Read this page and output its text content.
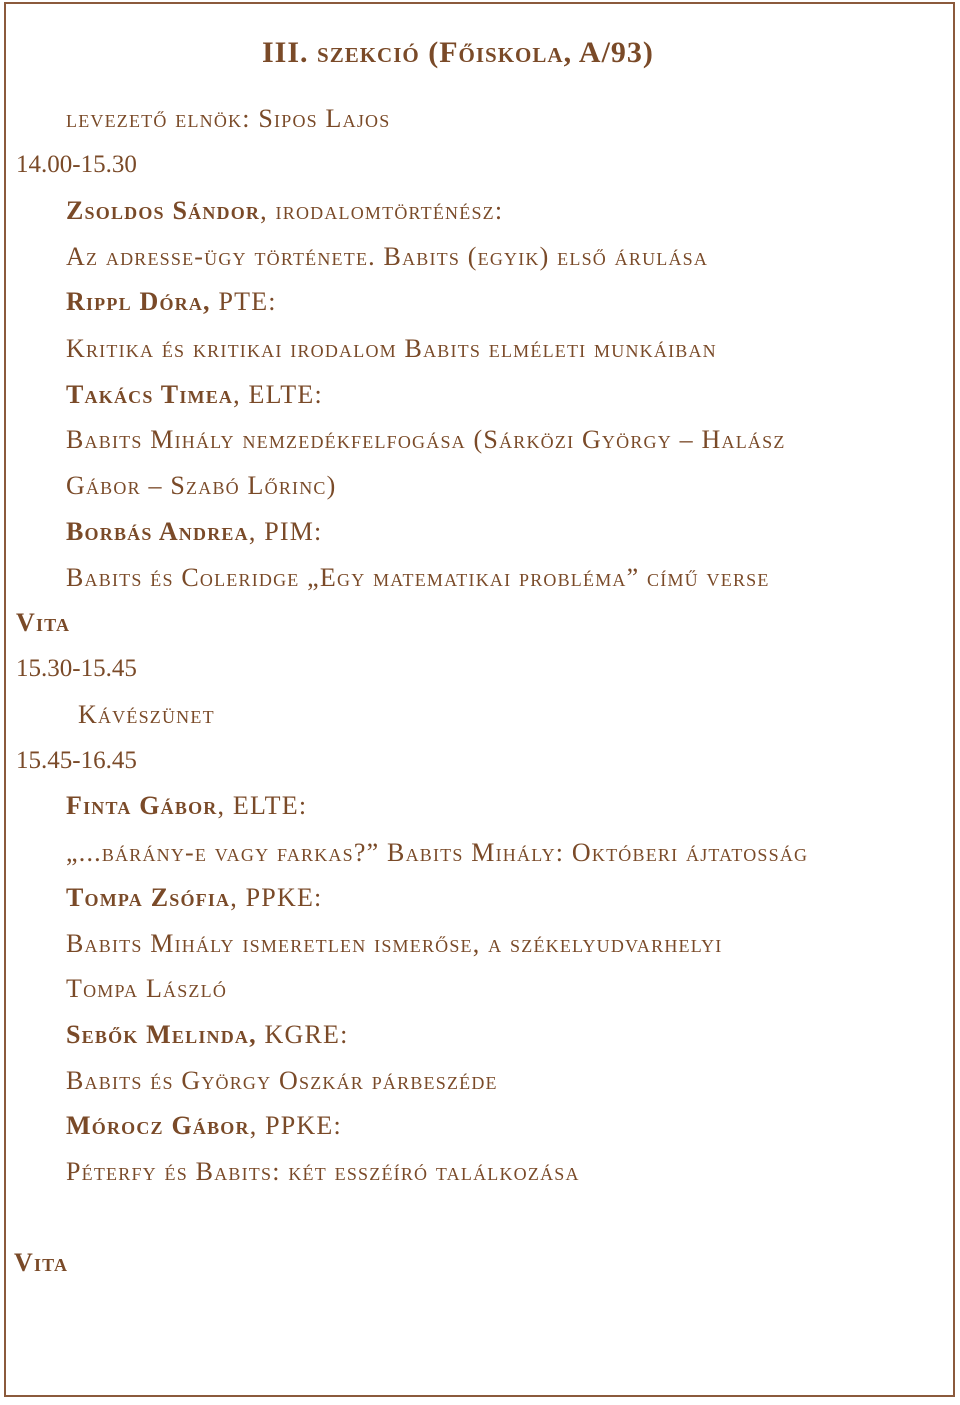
III. szekció (Főiskola, A/93)
levezető elnök: Sipos Lajos
14.00-15.30
Zsoldos Sándor, irodalomtörténész:
Az adresse-ügy története. Babits (egyik) első árulása
Rippl Dóra, PTE:
Kritika és kritikai irodalom Babits elméleti munkáiban
Takács Timea, ELTE:
Babits Mihály nemzedékfelfogása (Sárközi György – Halász
Gábor – Szabó Lőrinc)
Borbás Andrea, PIM:
Babits és Coleridge „Egy matematikai probléma” című verse
Vita
15.30-15.45
Kávészünet
15.45-16.45
Finta Gábor, ELTE:
„...bárány-e vagy farkas?” Babits Mihály: Októberi ájtatosság
Tompa Zsófia, PPKE:
Babits Mihály ismeretlen ismerőse, a székelyudvarhelyi
Tompa László
Sebők Melinda, KGRE:
Babits és György Oszkár párbeszéde
Mórocz Gábor, PPKE:
Péterfy és Babits: két esszéíró találkozása
Vita
